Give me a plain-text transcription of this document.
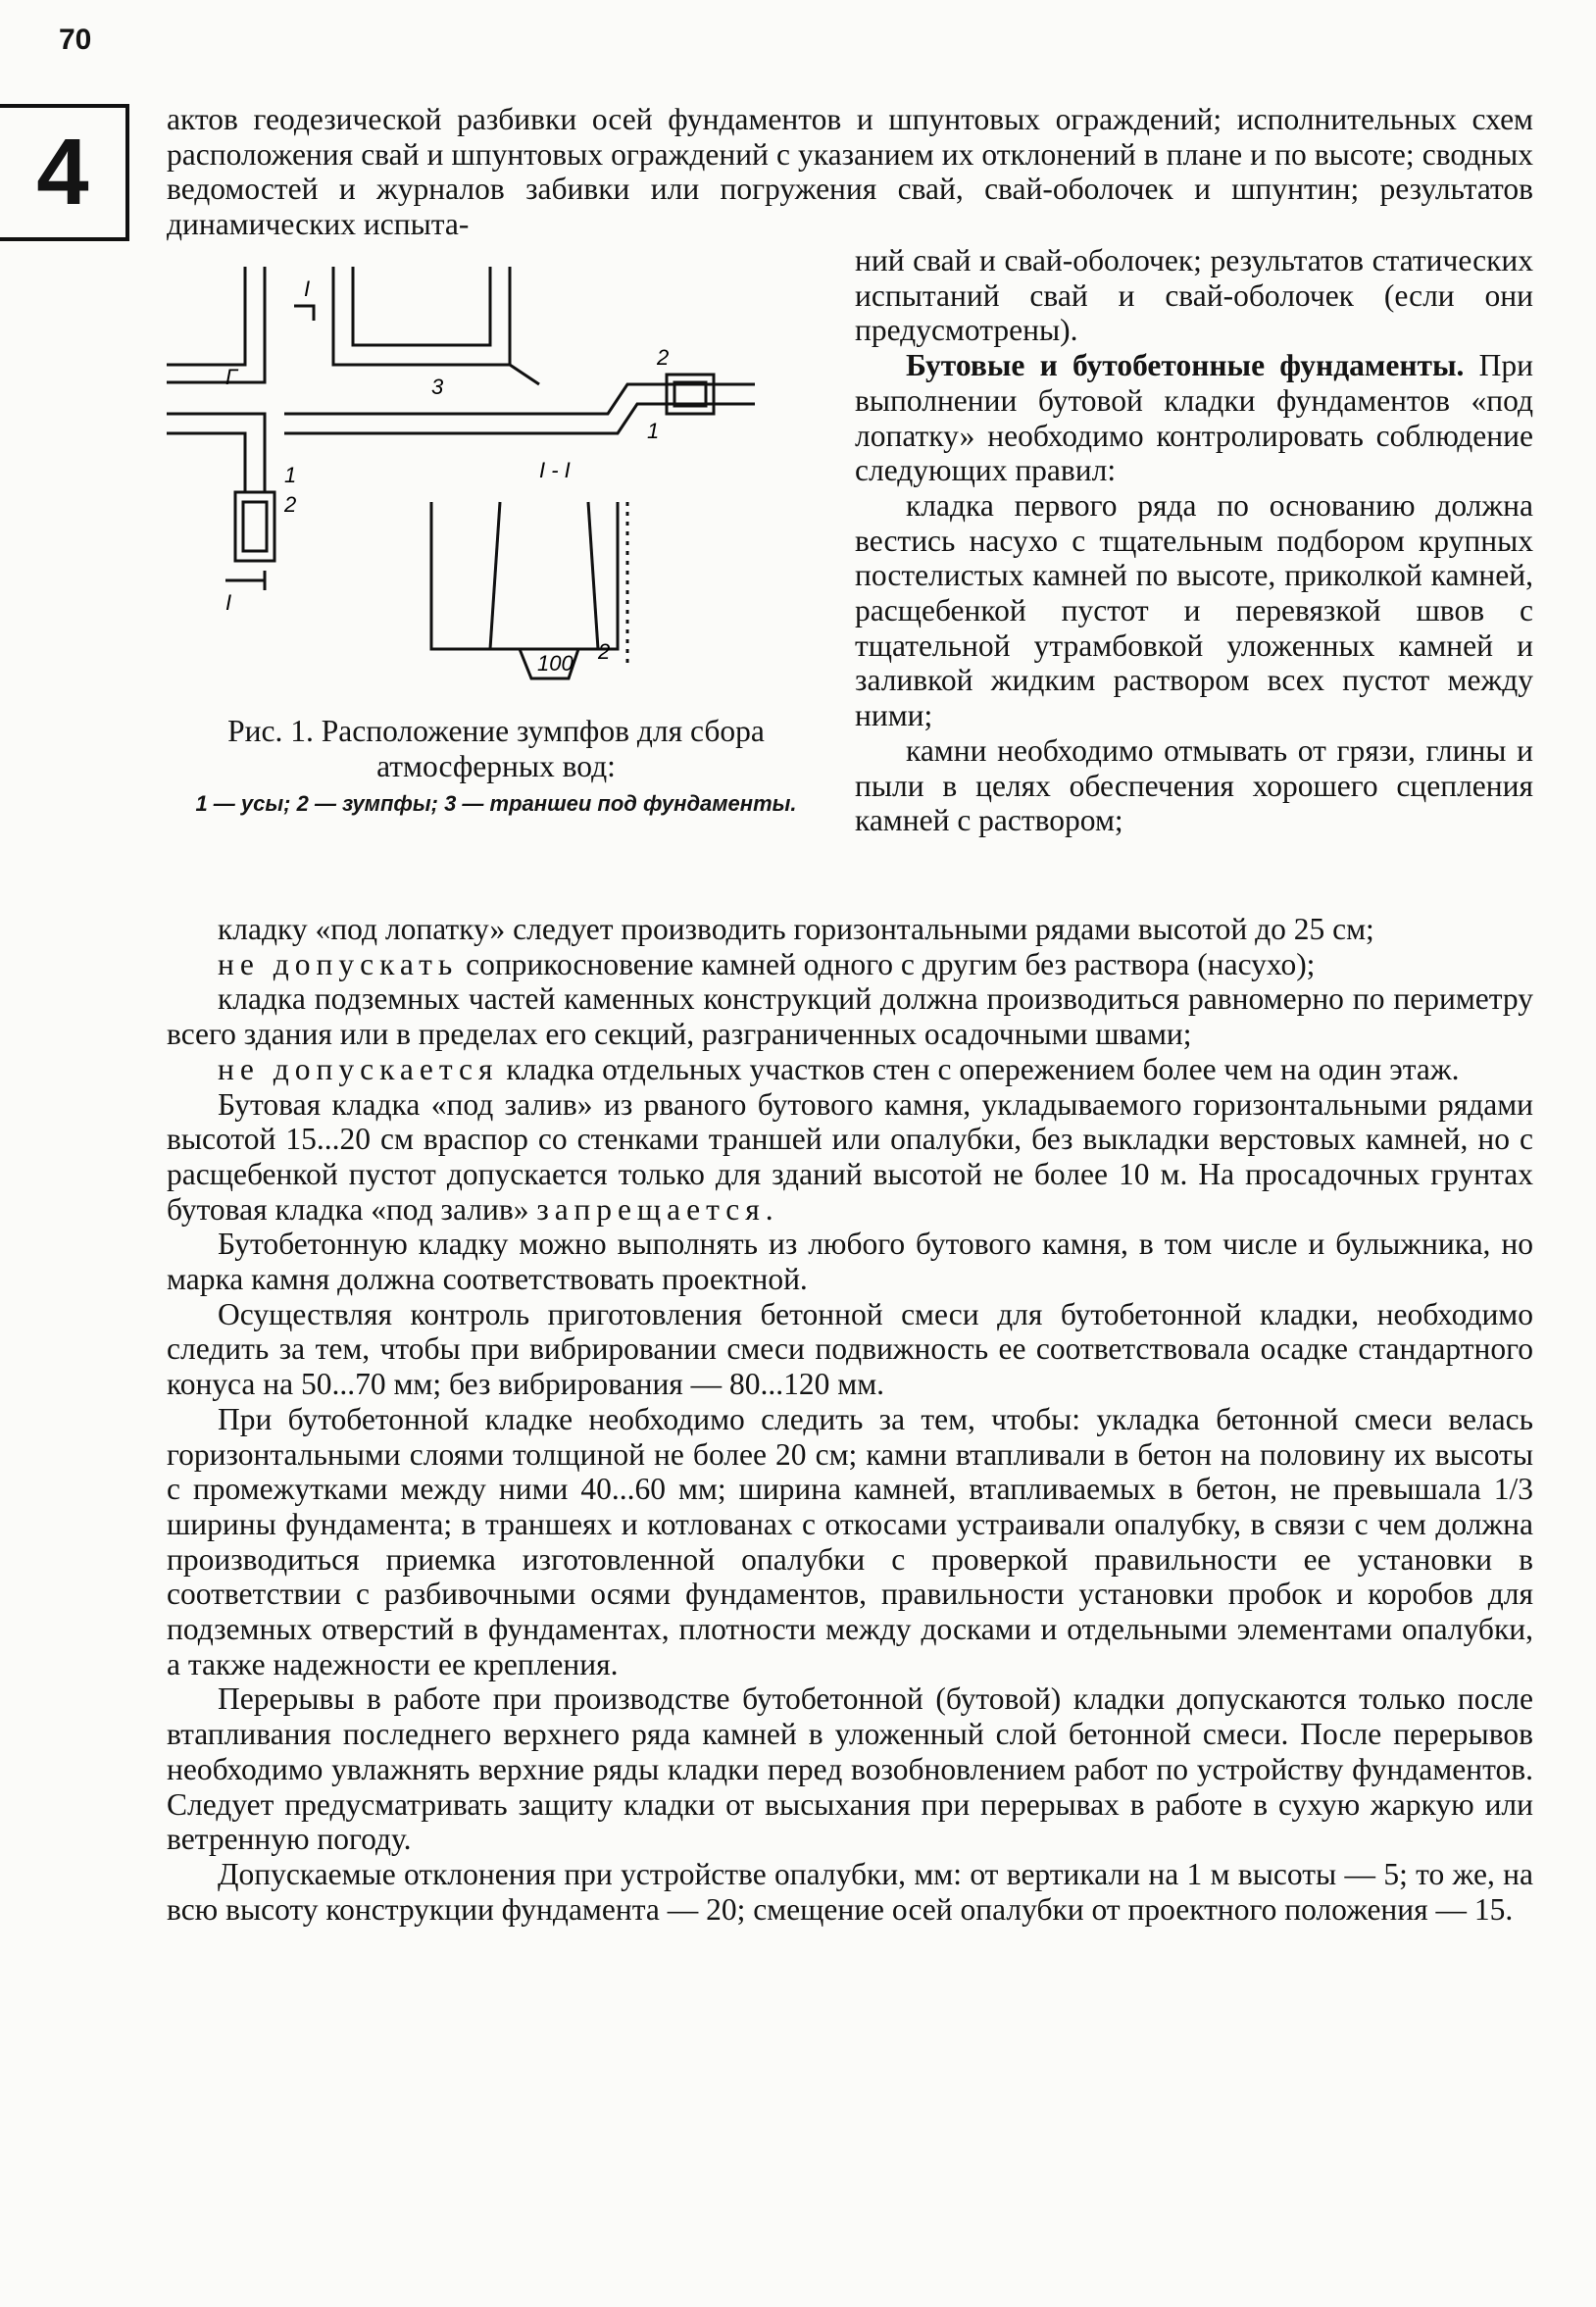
70
4

актов геодезической разбивки осей фундаментов и шпунтовых ограждений; исполнительных схем расположения свай и шпунтовых ограждений с указанием их отклонений в плане и по высоте; сводных ведомостей и журналов забивки или погружения свай, свай-оболочек и шпунтин; результатов динамических испыта-

Г	3
2
1
1
2
I - I
I
I
2
100
Рис. 1. Расположение зумпфов для сбора атмосферных вод:
1 — усы; 2 — зумпфы; 3 — траншеи под фундаменты.

ний свай и свай-оболочек; результатов статических испытаний свай и свай-оболочек (если они предусмотрены).

Бутовые и бутобетонные фундаменты. При выполнении бутовой кладки фундаментов «под лопатку» необходимо контролировать соблюдение следующих правил:

кладка первого ряда по основанию должна вестись насухо с тщательным подбором крупных постелистых камней по высоте, приколкой камней, расщебенкой пустот и перевязкой швов с тщательной утрамбовкой уложенных камней и заливкой жидким раствором всех пустот между ними;

камни необходимо отмывать от грязи, глины и пыли в целях обеспечения хорошего сцепления камней с раствором;

кладку «под лопатку» следует производить горизонтальными рядами высотой до 25 см;

не допускать соприкосновение камней одного с другим без раствора (насухо);

кладка подземных частей каменных конструкций должна производиться равномерно по периметру всего здания или в пределах его секций, разграниченных осадочными швами;

не допускается кладка отдельных участков стен с опережением более чем на один этаж.

Бутовая кладка «под залив» из рваного бутового камня, укладываемого горизонтальными рядами высотой 15...20 см враспор со стенками траншей или опалубки, без выкладки верстовых камней, но с расщебенкой пустот допускается только для зданий высотой не более 10 м. На просадочных грунтах бутовая кладка «под залив» запрещается.

Бутобетонную кладку можно выполнять из любого бутового камня, в том числе и булыжника, но марка камня должна соответствовать проектной.

Осуществляя контроль приготовления бетонной смеси для бутобетонной кладки, необходимо следить за тем, чтобы при вибрировании смеси подвижность ее соответствовала осадке стандартного конуса на 50...70 мм; без вибрирования — 80...120 мм.

При бутобетонной кладке необходимо следить за тем, чтобы: укладка бетонной смеси велась горизонтальными слоями толщиной не более 20 см; камни втапливали в бетон на половину их высоты с промежутками между ними 40...60 мм; ширина камней, втапливаемых в бетон, не превышала 1/3 ширины фундамента; в траншеях и котлованах с откосами устраивали опалубку, в связи с чем должна производиться приемка изготовленной опалубки с проверкой правильности ее установки в соответствии с разбивочными осями фундаментов, правильности установки пробок и коробов для подземных отверстий в фундаментах, плотности между досками и отдельными элементами опалубки, а также надежности ее крепления.

Перерывы в работе при производстве бутобетонной (бутовой) кладки допускаются только после втапливания последнего верхнего ряда камней в уложенный слой бетонной смеси. После перерывов необходимо увлажнять верхние ряды кладки перед возобновлением работ по устройству фундаментов. Следует предусматривать защиту кладки от высыхания при перерывах в работе в сухую жаркую или ветренную погоду.

Допускаемые отклонения при устройстве опалубки, мм: от вертикали на 1 м высоты — 5; то же, на всю высоту конструкции фундамента — 20; смещение осей опалубки от проектного положения — 15.
